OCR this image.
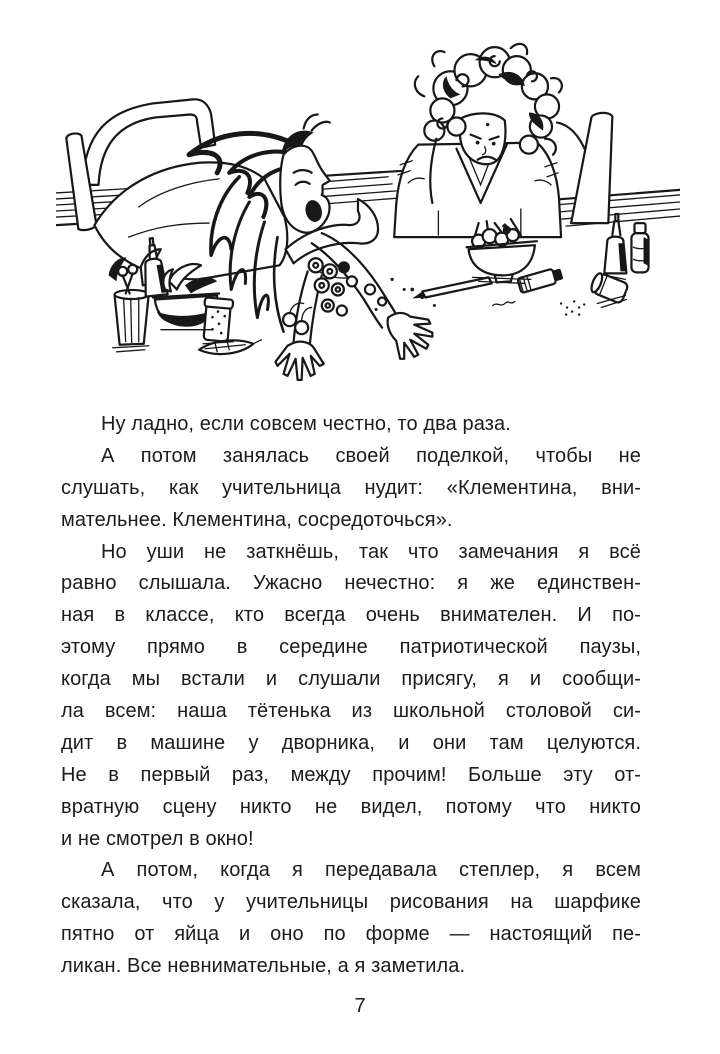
Ну ладно, если совсем честно, то два раза.
А потом занялась своей поделкой, чтобы не
слушать, как учительница нудит: «Клементина, вни-
мательнее. Клементина, сосредоточься».
Но уши не заткнёшь, так что замечания я всё
равно слышала. Ужасно нечестно: я же единствен-
ная в классе, кто всегда очень внимателен. И по-
этому прямо в середине патриотической паузы,
когда мы встали и слушали присягу, я и сообщи-
ла всем: наша тётенька из школьной столовой си-
дит в машине у дворника, и они там целуются.
Не в первый раз, между прочим! Больше эту от-
вратную сцену никто не видел, потому что никто
и не смотрел в окно!
А потом, когда я передавала степлер, я всем
сказала, что у учительницы рисования на шарфике
пятно от яйца и оно по форме — настоящий пе-
ликан. Все невнимательные, а я заметила.
7
